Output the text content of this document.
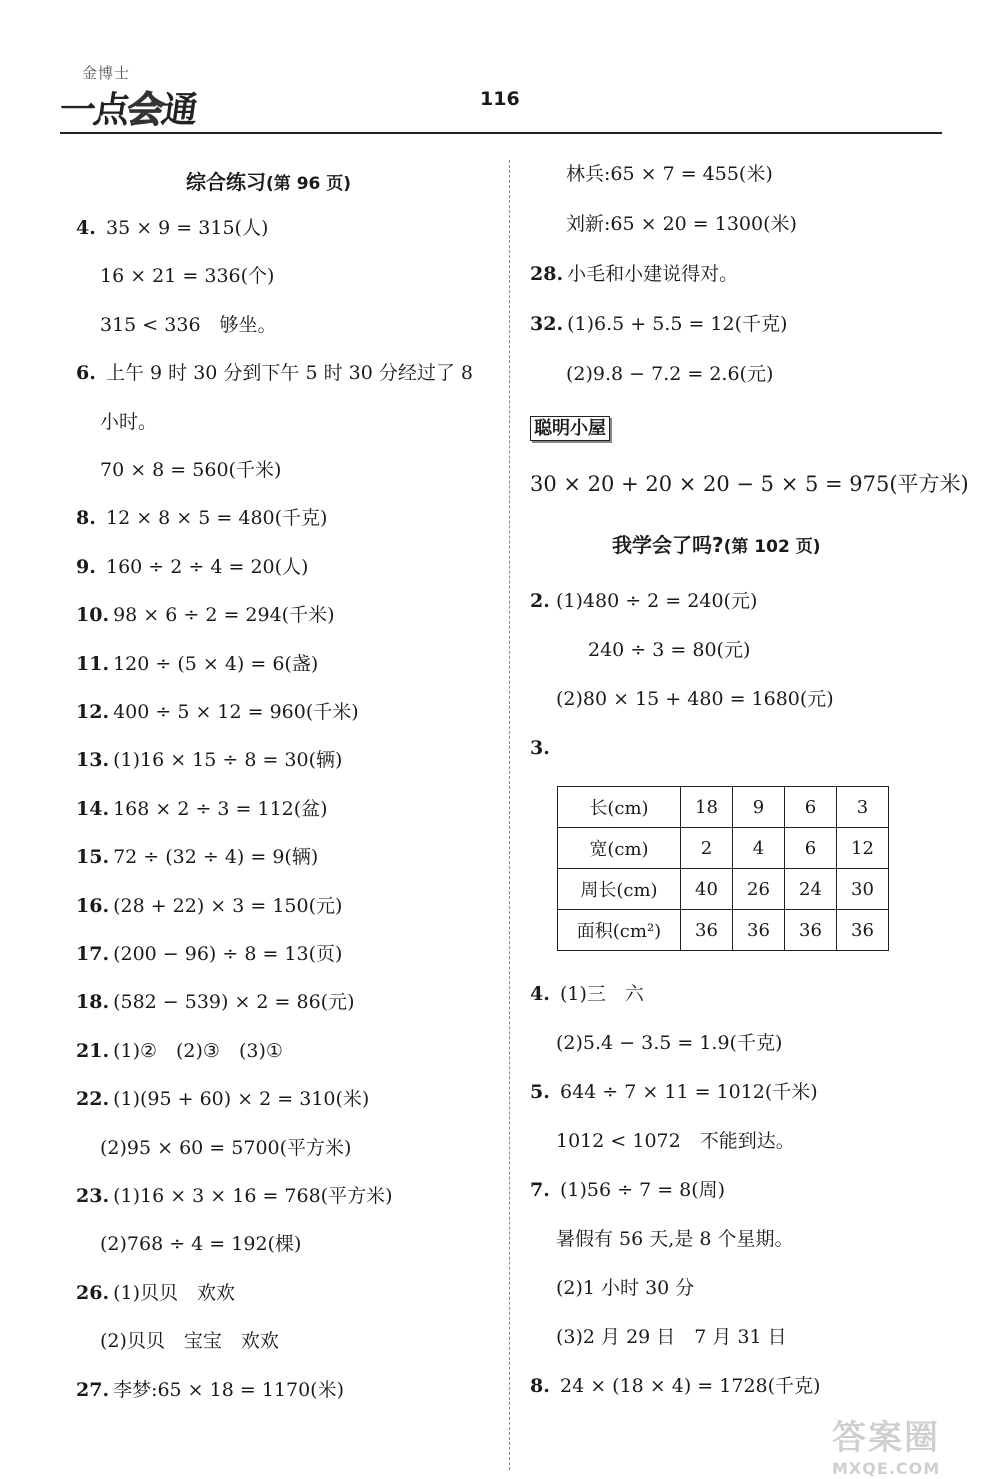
金博士
一点会通	116
综合练习(第 96 页)
4. 35 × 9 = 315(人)
16 × 21 = 336(个)
315 < 336　够坐。
6. 上午 9 时 30 分到下午 5 时 30 分经过了 8
小时。
70 × 8 = 560(千米)
8. 12 × 8 × 5 = 480(千克)
9. 160 ÷ 2 ÷ 4 = 20(人)
10. 98 × 6 ÷ 2 = 294(千米)
11. 120 ÷ (5 × 4) = 6(盏)
12. 400 ÷ 5 × 12 = 960(千米)
13. (1)16 × 15 ÷ 8 = 30(辆)
14. 168 × 2 ÷ 3 = 112(盆)
15. 72 ÷ (32 ÷ 4) = 9(辆)
16. (28 + 22) × 3 = 150(元)
17. (200 − 96) ÷ 8 = 13(页)
18. (582 − 539) × 2 = 86(元)
21. (1)②　(2)③　(3)①
22. (1)(95 + 60) × 2 = 310(米)
(2)95 × 60 = 5700(平方米)
23. (1)16 × 3 × 16 = 768(平方米)
(2)768 ÷ 4 = 192(棵)
26. (1)贝贝　欢欢
(2)贝贝　宝宝　欢欢
27. 李梦:65 × 18 = 1170(米)
林兵:65 × 7 = 455(米)
刘新:65 × 20 = 1300(米)
28. 小毛和小建说得对。
32. (1)6.5 + 5.5 = 12(千克)
(2)9.8 − 7.2 = 2.6(元)
聪明小屋
30 × 20 + 20 × 20 − 5 × 5 = 975(平方米)
我学会了吗?(第 102 页)
2. (1)480 ÷ 2 = 240(元)
240 ÷ 3 = 80(元)
(2)80 × 15 + 480 = 1680(元)
3.
长(cm)	18	9	6	3
宽(cm)	2	4	6	12
周长(cm)	40	26	24	30
面积(cm²)	36	36	36	36
4. (1)三　六
(2)5.4 − 3.5 = 1.9(千克)
5. 644 ÷ 7 × 11 = 1012(千米)
1012 < 1072　不能到达。
7. (1)56 ÷ 7 = 8(周)
暑假有 56 天,是 8 个星期。
(2)1 小时 30 分
(3)2 月 29 日　7 月 31 日
8. 24 × (18 × 4) = 1728(千克)
答案圈
MXQE.COM
